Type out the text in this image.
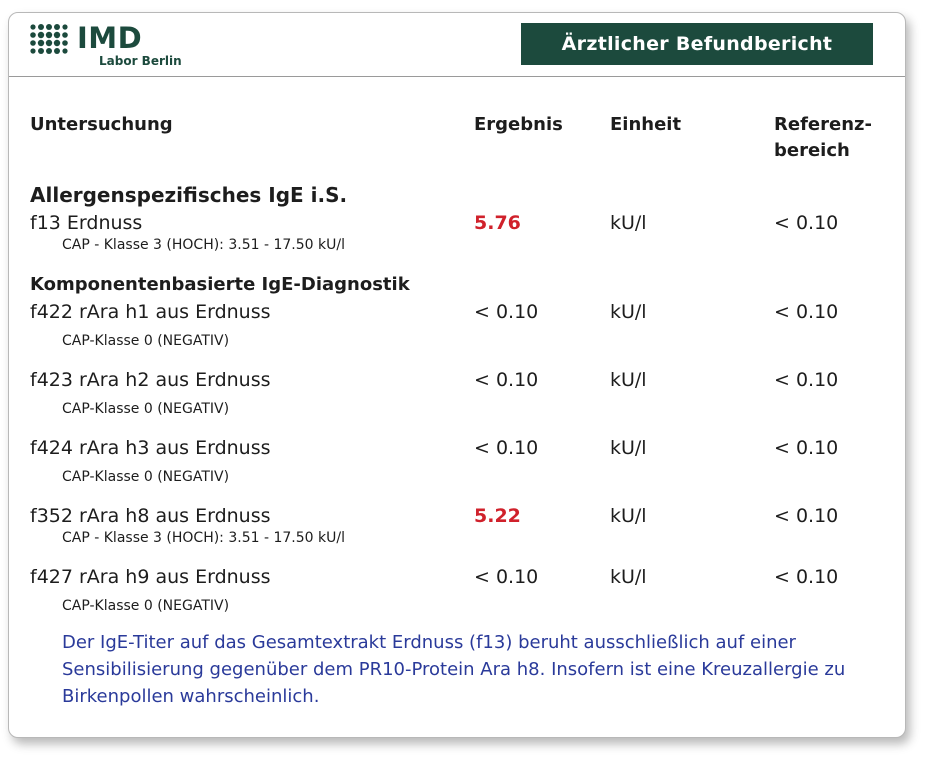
IMD
Labor Berlin
Ärztlicher Befundbericht
Untersuchung	Ergebnis	Einheit	Referenz-
bereich
Allergenspezifisches IgE i.S.
f13 Erdnuss	5.76	kU/l	< 0.10
CAP - Klasse 3 (HOCH): 3.51 - 17.50 kU/l
Komponentenbasierte IgE-Diagnostik
f422 rAra h1 aus Erdnuss	< 0.10	kU/l	< 0.10
CAP-Klasse 0 (NEGATIV)
f423 rAra h2 aus Erdnuss	< 0.10	kU/l	< 0.10
CAP-Klasse 0 (NEGATIV)
f424 rAra h3 aus Erdnuss	< 0.10	kU/l	< 0.10
CAP-Klasse 0 (NEGATIV)
f352 rAra h8 aus Erdnuss	5.22	kU/l	< 0.10
CAP - Klasse 3 (HOCH): 3.51 - 17.50 kU/l
f427 rAra h9 aus Erdnuss	< 0.10	kU/l	< 0.10
CAP-Klasse 0 (NEGATIV)
Der IgE-Titer auf das Gesamtextrakt Erdnuss (f13) beruht ausschließlich auf einer Sensibilisierung gegenüber dem PR10-Protein Ara h8. Insofern ist eine Kreuzallergie zu Birkenpollen wahrscheinlich.
